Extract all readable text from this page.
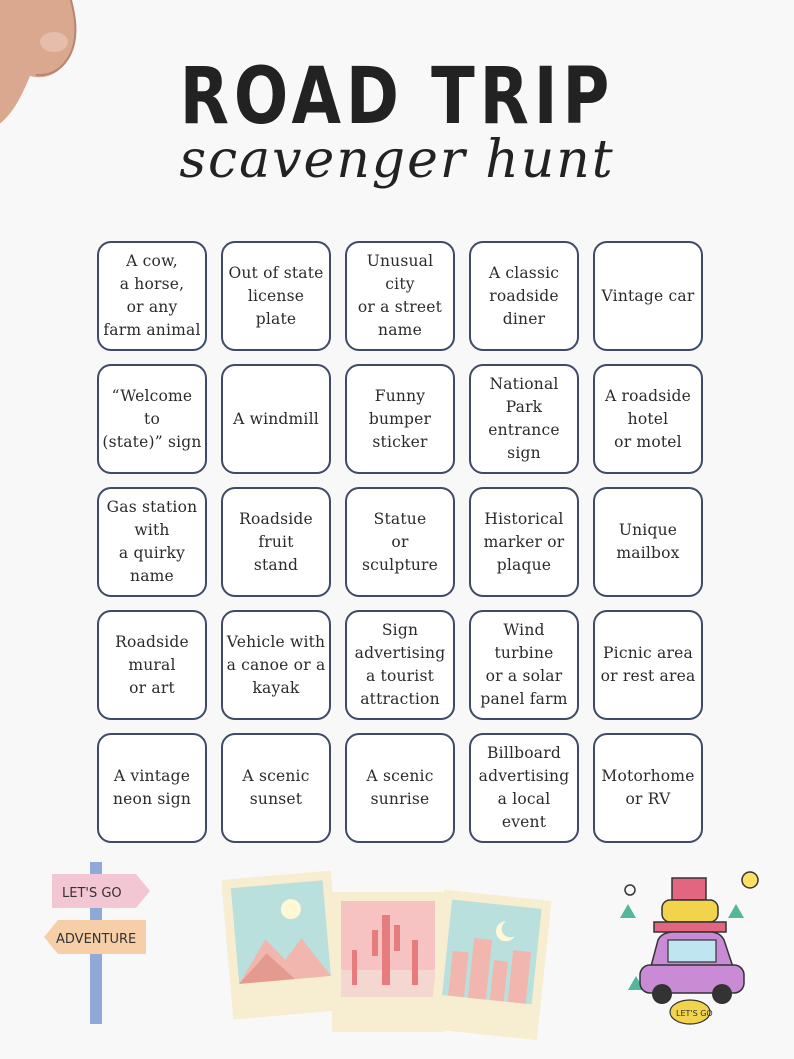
ROAD TRIP
scavenger hunt
A cow,
a horse,
or any
farm animal
Out of state
license plate
Unusual city
or a street
name
A classic
roadside
diner
Vintage car
“Welcome to
(state)” sign
A windmill
Funny
bumper
sticker
National
Park
entrance
sign
A roadside
hotel
or motel
Gas station
with
a quirky
name
Roadside
fruit
stand
Statue
or
sculpture
Historical
marker or
plaque
Unique
mailbox
Roadside
mural
or art
Vehicle with
a canoe or a
kayak
Sign
advertising
a tourist
attraction
Wind turbine
or a solar
panel farm
Picnic area
or rest area
A vintage
neon sign
A scenic
sunset
A scenic
sunrise
Billboard
advertising
a local event
Motorhome
or RV
LET'S GO
ADVENTURE
LET'S GO
